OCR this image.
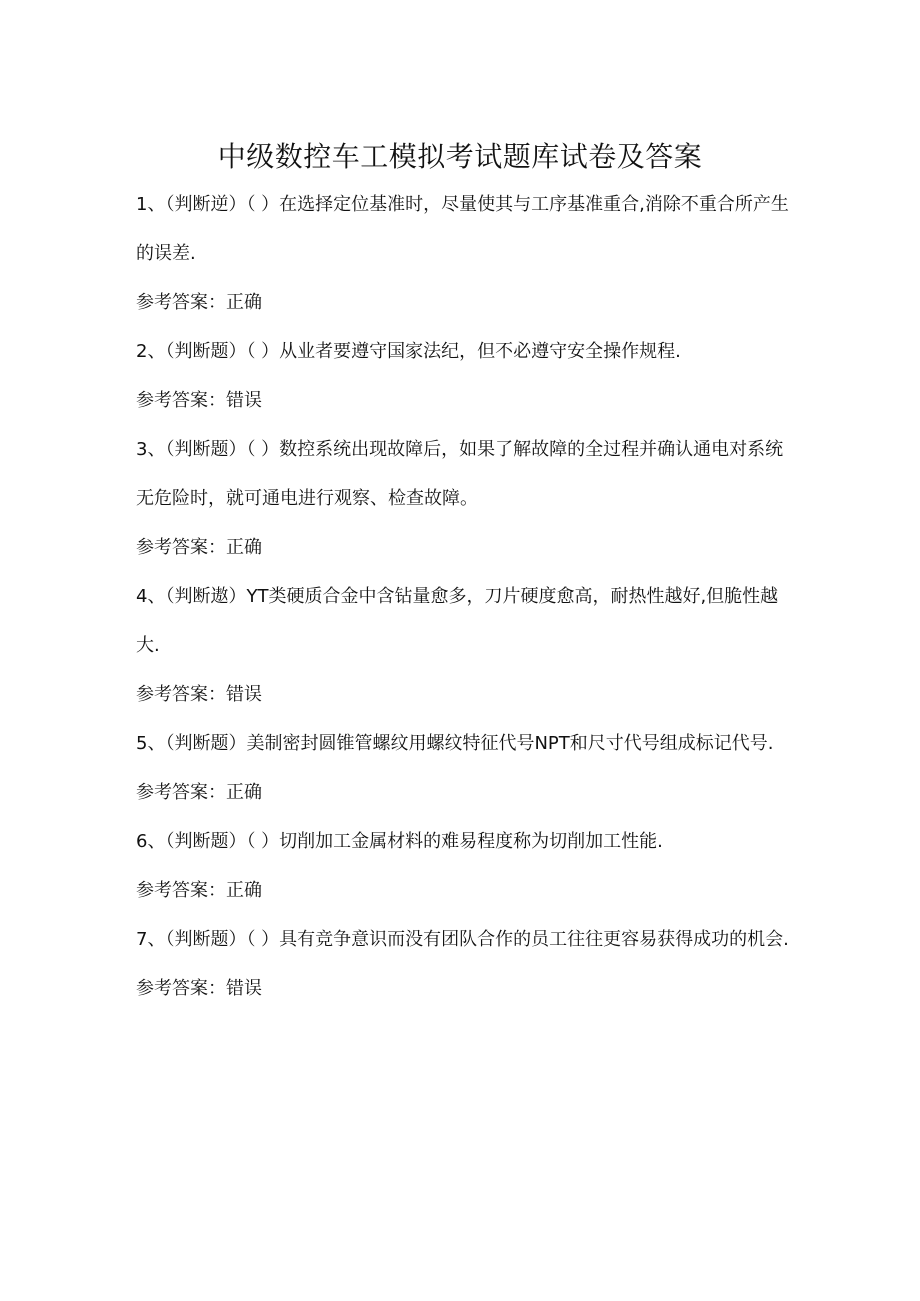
中级数控车工模拟考试题库试卷及答案

1、（判断逆）（ ）在选择定位基准时，尽量使其与工序基准重合,消除不重合所产生的误差.

参考答案：正确

2、（判断题）（ ）从业者要遵守国家法纪，但不必遵守安全操作规程.

参考答案：错误

3、（判断题）（ ）数控系统出现故障后，如果了解故障的全过程并确认通电对系统无危险时，就可通电进行观察、检查故障。

参考答案：正确

4、（判断遨）YT类硬质合金中含钻量愈多，刀片硬度愈高，耐热性越好,但脆性越大.

参考答案：错误

5、（判断题）美制密封圆锥管螺纹用螺纹特征代号NPT和尺寸代号组成标记代号.

参考答案：正确

6、（判断题）（ ）切削加工金属材料的难易程度称为切削加工性能.

参考答案：正确

7、（判断题）（ ）具有竞争意识而没有团队合作的员工往往更容易获得成功的机会.

参考答案：错误
